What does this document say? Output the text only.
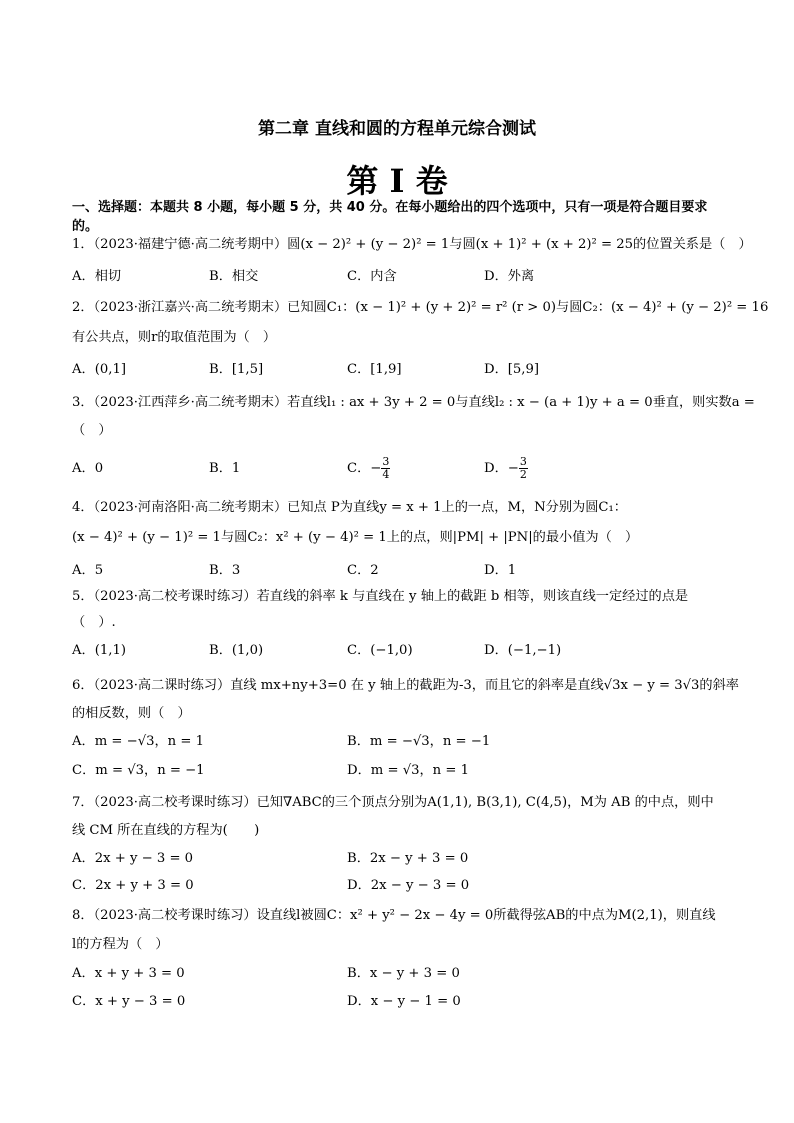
第二章 直线和圆的方程单元综合测试
第 I 卷
一、选择题：本题共 8 小题，每小题 5 分，共 40 分。在每小题给出的四个选项中，只有一项是符合题目要求的。
1．（2023·福建宁德·高二统考期中）圆(x − 2)² + (y − 2)² = 1与圆(x + 1)² + (x + 2)² = 25的位置关系是（　）
A．相切	B．相交	C．内含	D．外离
2．（2023·浙江嘉兴·高二统考期末）已知圆C₁：(x − 1)² + (y + 2)² = r² (r > 0)与圆C₂：(x − 4)² + (y − 2)² = 16
有公共点，则r的取值范围为（　）
A．(0,1]	B．[1,5]	C．[1,9]	D．[5,9]
3．（2023·江西萍乡·高二统考期末）若直线l₁ : ax + 3y + 2 = 0与直线l₂ : x − (a + 1)y + a = 0垂直，则实数a =
（　）
A．0	B．1	C．− $\frac{3}{4}$	D．− $\frac{3}{2}$
4．（2023·河南洛阳·高二统考期末）已知点 P为直线y = x + 1上的一点，M，N分别为圆C₁：
(x − 4)² + (y − 1)² = 1与圆C₂：x² + (y − 4)² = 1上的点，则|PM| + |PN|的最小值为（　）
A．5	B．3	C．2	D．1
5．（2023·高二校考课时练习）若直线的斜率 k 与直线在 y 轴上的截距 b 相等，则该直线一定经过的点是
（　）.
A．(1,1)	B．(1,0)	C．(−1,0)	D．(−1,−1)
6．（2023·高二课时练习）直线 mx+ny+3=0 在 y 轴上的截距为-3，而且它的斜率是直线√3x − y = 3√3的斜率
的相反数，则（　）
A．m = −√3，n = 1	B．m = −√3，n = −1
C．m = √3，n = −1	D．m = √3，n = 1
7．（2023·高二校考课时练习）已知∇ABC的三个顶点分别为A(1,1), B(3,1), C(4,5)，M为 AB 的中点，则中
线 CM 所在直线的方程为(　　)
A．2x + y − 3 = 0	B．2x − y + 3 = 0
C．2x + y + 3 = 0	D．2x − y − 3 = 0
8．（2023·高二校考课时练习）设直线l被圆C：x² + y² − 2x − 4y = 0所截得弦AB的中点为M(2,1)，则直线
l的方程为（　）
A．x + y + 3 = 0	B．x − y + 3 = 0
C．x + y − 3 = 0	D．x − y − 1 = 0
